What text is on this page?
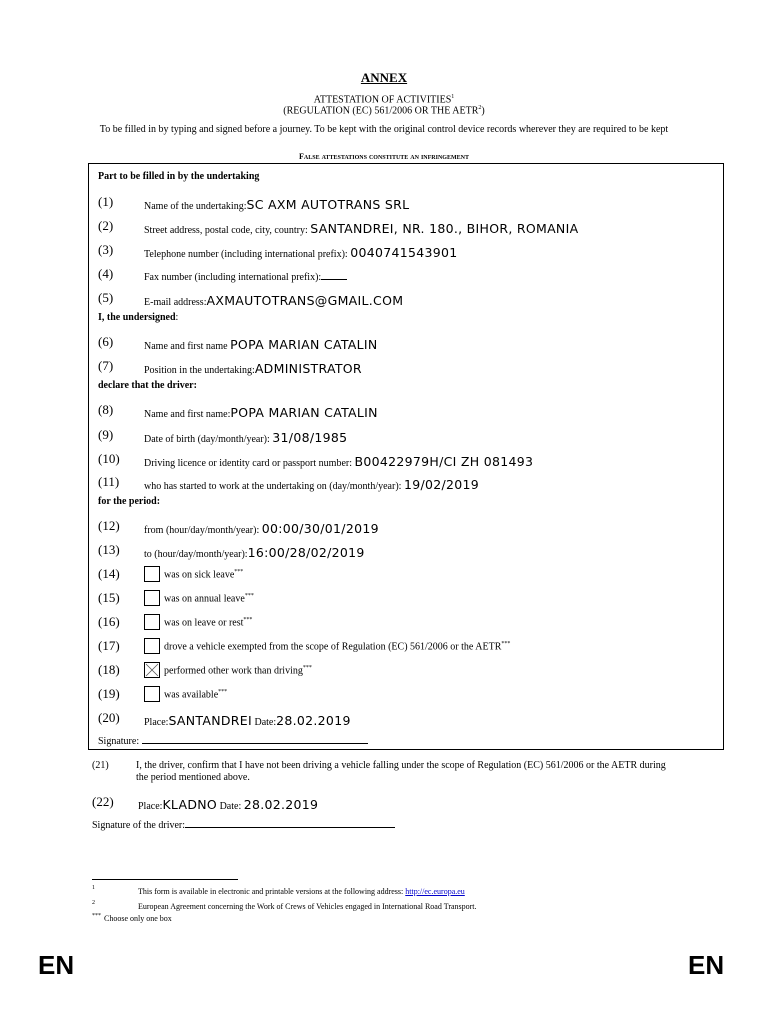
ANNEX
ATTESTATION OF ACTIVITIES$^1$
(REGULATION (EC) 561/2006 OR THE AETR$^2$)
To be filled in by typing and signed before a journey. To be kept with the original control device records wherever they are required to be kept
False attestations constitute an infringement
Part to be filled in by the undertaking
(1)	Name of the undertaking:SC AXM AUTOTRANS SRL
(2)	Street address, postal code, city, country: SANTANDREI, NR. 180., BIHOR, ROMANIA
(3)	Telephone number (including international prefix): 0040741543901
(4)	Fax number (including international prefix):
(5)	E-mail address:AXMAUTOTRANS@GMAIL.COM
I, the undersigned:
(6)	Name and first name POPA MARIAN CATALIN
(7)	Position in the undertaking:ADMINISTRATOR
declare that the driver:
(8)	Name and first name:POPA MARIAN CATALIN
(9)	Date of birth (day/month/year): 31/08/1985
(10) Driving licence or identity card or passport number: B00422979H/CI ZH 081493
(11) who has started to work at the undertaking on (day/month/year): 19/02/2019
for the period:
(12) from (hour/day/month/year): 00:00/30/01/2019
(13) to (hour/day/month/year):16:00/28/02/2019
(14)	was on sick leave***
(15)	was on annual leave***
(16)	was on leave or rest***
(17)	drove a vehicle exempted from the scope of Regulation (EC) 561/2006 or the AETR***
(18)	performed other work than driving***
(19)	was available***
(20) Place:SANTANDREI Date:28.02.2019
Signature:
(21)	I, the driver, confirm that I have not been driving a vehicle falling under the scope of Regulation (EC) 561/2006 or the AETR during the period mentioned above.
(22) Place:KLADNO Date: 28.02.2019
Signature of the driver:
1	This form is available in electronic and printable versions at the following address: http://ec.europa.eu
2	European Agreement concerning the Work of Crews of Vehicles engaged in International Road Transport.
*** Choose only one box
EN	EN
